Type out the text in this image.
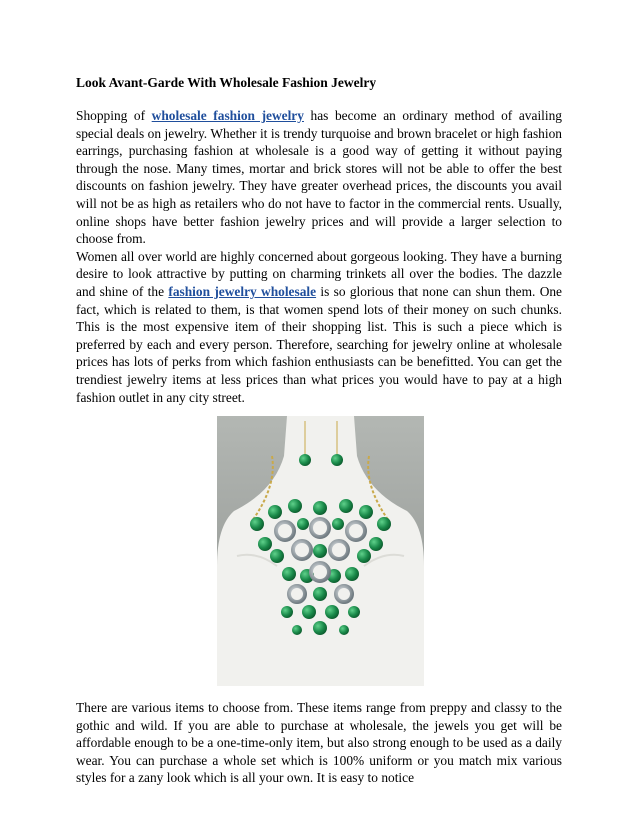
Look Avant-Garde With Wholesale Fashion Jewelry

Shopping of wholesale fashion jewelry has become an ordinary method of availing special deals on jewelry. Whether it is trendy turquoise and brown bracelet or high fashion earrings, purchasing fashion at wholesale is a good way of getting it without paying through the nose. Many times, mortar and brick stores will not be able to offer the best discounts on fashion jewelry. They have greater overhead prices, the discounts you avail will not be as high as retailers who do not have to factor in the commercial rents. Usually, online shops have better fashion jewelry prices and will provide a larger selection to choose from.

Women all over world are highly concerned about gorgeous looking. They have a burning desire to look attractive by putting on charming trinkets all over the bodies. The dazzle and shine of the fashion jewelry wholesale is so glorious that none can shun them. One fact, which is related to them, is that women spend lots of their money on such chunks. This is the most expensive item of their shopping list. This is such a piece which is preferred by each and every person. Therefore, searching for jewelry online at wholesale prices has lots of perks from which fashion enthusiasts can be benefitted. You can get the trendiest jewelry items at less prices than what prices you would have to pay at a high fashion outlet in any city street.

There are various items to choose from. These items range from preppy and classy to the gothic and wild. If you are able to purchase at wholesale, the jewels you get will be affordable enough to be a one-time-only item, but also strong enough to be used as a daily wear. You can purchase a whole set which is 100% uniform or you match mix various styles for a zany look which is all your own. It is easy to notice
